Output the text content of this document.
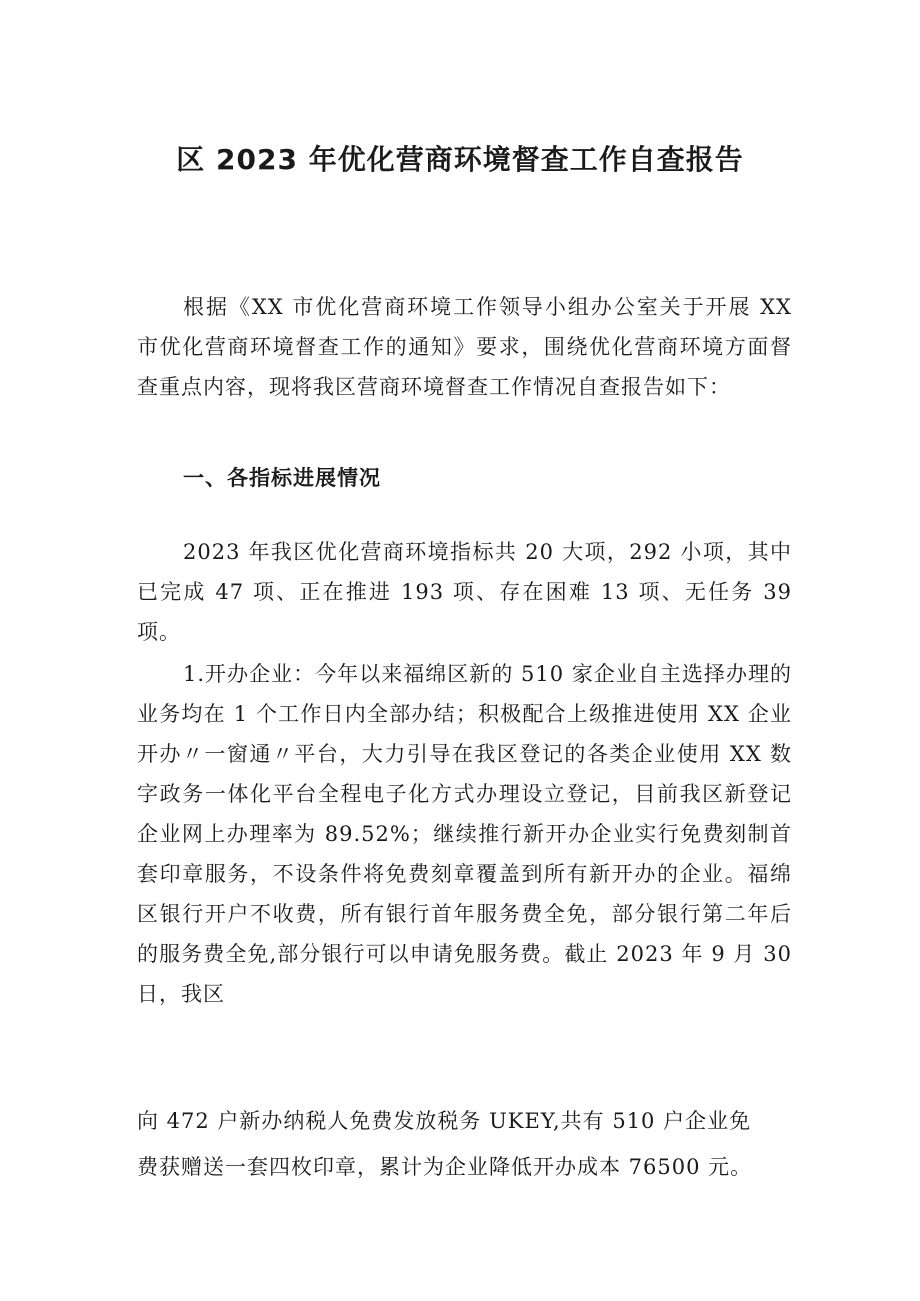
区 2023 年优化营商环境督查工作自查报告

根据《XX 市优化营商环境工作领导小组办公室关于开展 XX 市优化营商环境督查工作的通知》要求，围绕优化营商环境方面督查重点内容，现将我区营商环境督查工作情况自查报告如下：

一、各指标进展情况

2023 年我区优化营商环境指标共 20 大项，292 小项，其中已完成 47 项、正在推进 193 项、存在困难 13 项、无任务 39 项。

1.开办企业：今年以来福绵区新的 510 家企业自主选择办理的业务均在 1 个工作日内全部办结；积极配合上级推进使用 XX 企业开办〃一窗通〃平台，大力引导在我区登记的各类企业使用 XX 数字政务一体化平台全程电子化方式办理设立登记，目前我区新登记企业网上办理率为 89.52%；继续推行新开办企业实行免费刻制首套印章服务，不设条件将免费刻章覆盖到所有新开办的企业。福绵区银行开户不收费，所有银行首年服务费全免，部分银行第二年后的服务费全免,部分银行可以申请免服务费。截止 2023 年 9 月 30 日，我区

向 472 户新办纳税人免费发放税务 UKEY,共有 510 户企业免

费获赠送一套四枚印章，累计为企业降低开办成本 76500 元。
